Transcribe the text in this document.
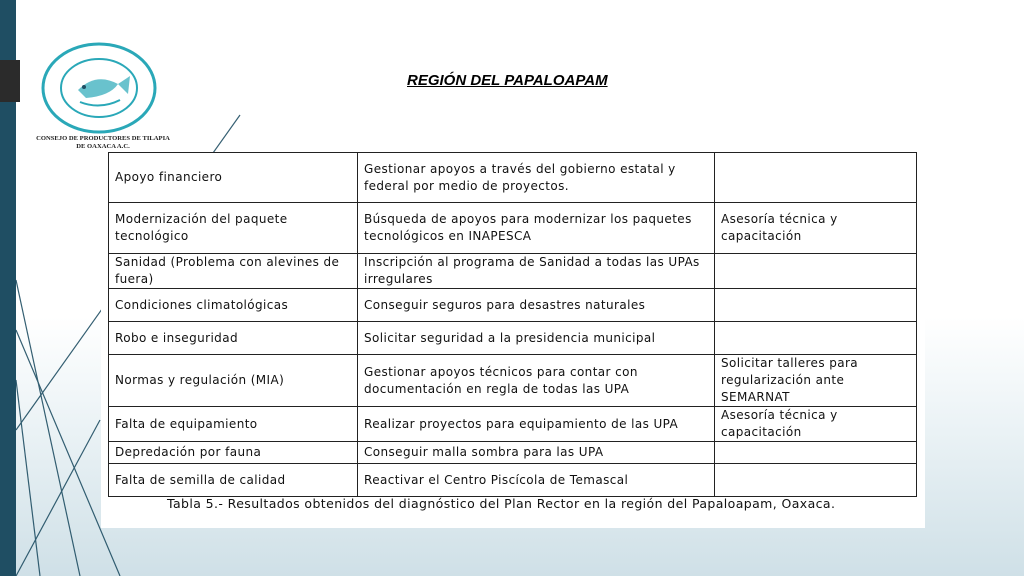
CONSEJO DE PRODUCTORES DE TILAPIA
DE OAXACA A.C.
REGIÓN DEL PAPALOAPAM
Apoyo financiero	Gestionar apoyos a través del gobierno estatal y federal por medio de proyectos.	
Modernización del paquete tecnológico	Búsqueda de apoyos para modernizar los paquetes tecnológicos en INAPESCA	Asesoría técnica y capacitación
Sanidad (Problema con alevines de fuera)	Inscripción al programa de Sanidad a todas las UPAs irregulares	
Condiciones climatológicas	Conseguir seguros para desastres naturales	
Robo e inseguridad	Solicitar seguridad a la presidencia municipal	
Normas y regulación (MIA)	Gestionar apoyos técnicos para contar con documentación en regla de todas las UPA	Solicitar talleres para regularización ante SEMARNAT
Falta de equipamiento	Realizar proyectos para equipamiento de las UPA	Asesoría técnica y capacitación
Depredación por fauna	Conseguir malla sombra para las UPA	
Falta de semilla de calidad	Reactivar el Centro Piscícola de Temascal	
Tabla 5.- Resultados obtenidos del diagnóstico del Plan Rector en la región del Papaloapam, Oaxaca.
